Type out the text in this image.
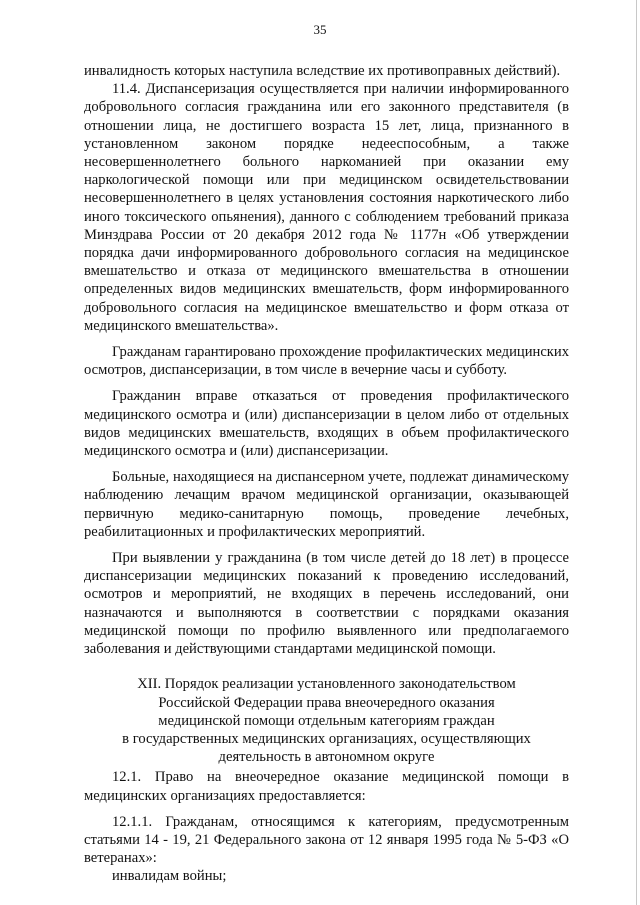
35

инвалидность которых наступила вследствие их противоправных действий).

11.4. Диспансеризация осуществляется при наличии информированного добровольного согласия гражданина или его законного представителя (в отношении лица, не достигшего возраста 15 лет, лица, признанного в установленном законом порядке недееспособным, а также несовершеннолетнего больного наркоманией при оказании ему наркологической помощи или при медицинском освидетельствовании несовершеннолетнего в целях установления состояния наркотического либо иного токсического опьянения), данного с соблюдением требований приказа Минздрава России от 20 декабря 2012 года № 1177н «Об утверждении порядка дачи информированного добровольного согласия на медицинское вмешательство и отказа от медицинского вмешательства в отношении определенных видов медицинских вмешательств, форм информированного добровольного согласия на медицинское вмешательство и форм отказа от медицинского вмешательства».

Гражданам гарантировано прохождение профилактических медицинских осмотров, диспансеризации, в том числе в вечерние часы и субботу.

Гражданин вправе отказаться от проведения профилактического медицинского осмотра и (или) диспансеризации в целом либо от отдельных видов медицинских вмешательств, входящих в объем профилактического медицинского осмотра и (или) диспансеризации.

Больные, находящиеся на диспансерном учете, подлежат динамическому наблюдению лечащим врачом медицинской организации, оказывающей первичную медико-санитарную помощь, проведение лечебных, реабилитационных и профилактических мероприятий.

При выявлении у гражданина (в том числе детей до 18 лет) в процессе диспансеризации медицинских показаний к проведению исследований, осмотров и мероприятий, не входящих в перечень исследований, они назначаются и выполняются в соответствии с порядками оказания медицинской помощи по профилю выявленного или предполагаемого заболевания и действующими стандартами медицинской помощи.

XII. Порядок реализации установленного законодательством
Российской Федерации права внеочередного оказания
медицинской помощи отдельным категориям граждан
в государственных медицинских организациях, осуществляющих
деятельность в автономном округе

12.1. Право на внеочередное оказание медицинской помощи в медицинских организациях предоставляется:

12.1.1. Гражданам, относящимся к категориям, предусмотренным статьями 14 - 19, 21 Федерального закона от 12 января 1995 года № 5-ФЗ «О ветеранах»:

инвалидам войны;
